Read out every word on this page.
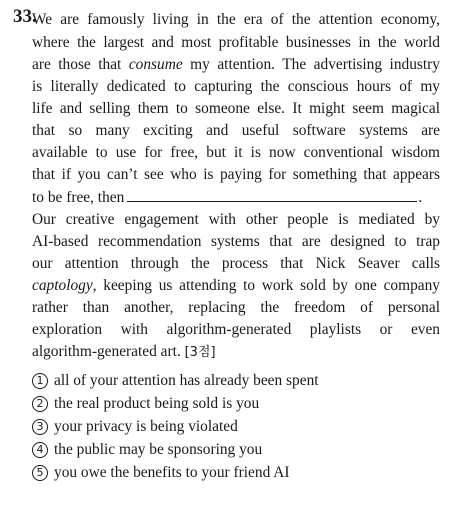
33.
We are famously living in the era of the attention economy,
where the largest and most profitable businesses in the world
are those that consume my attention. The advertising industry
is literally dedicated to capturing the conscious hours of my
life and selling them to someone else. It might seem magical
that so many exciting and useful software systems are
available to use for free, but it is now conventional wisdom
that if you can’t see who is paying for something that appears
to be free, then	.
Our creative engagement with other people is mediated by
AI-based recommendation systems that are designed to trap
our attention through the process that Nick Seaver calls
captology, keeping us attending to work sold by one company
rather than another, replacing the freedom of personal
exploration with algorithm-generated playlists or even
algorithm-generated art. [3점]
1 all of your attention has already been spent
2 the real product being sold is you
3 your privacy is being violated
4 the public may be sponsoring you
5 you owe the benefits to your friend AI
